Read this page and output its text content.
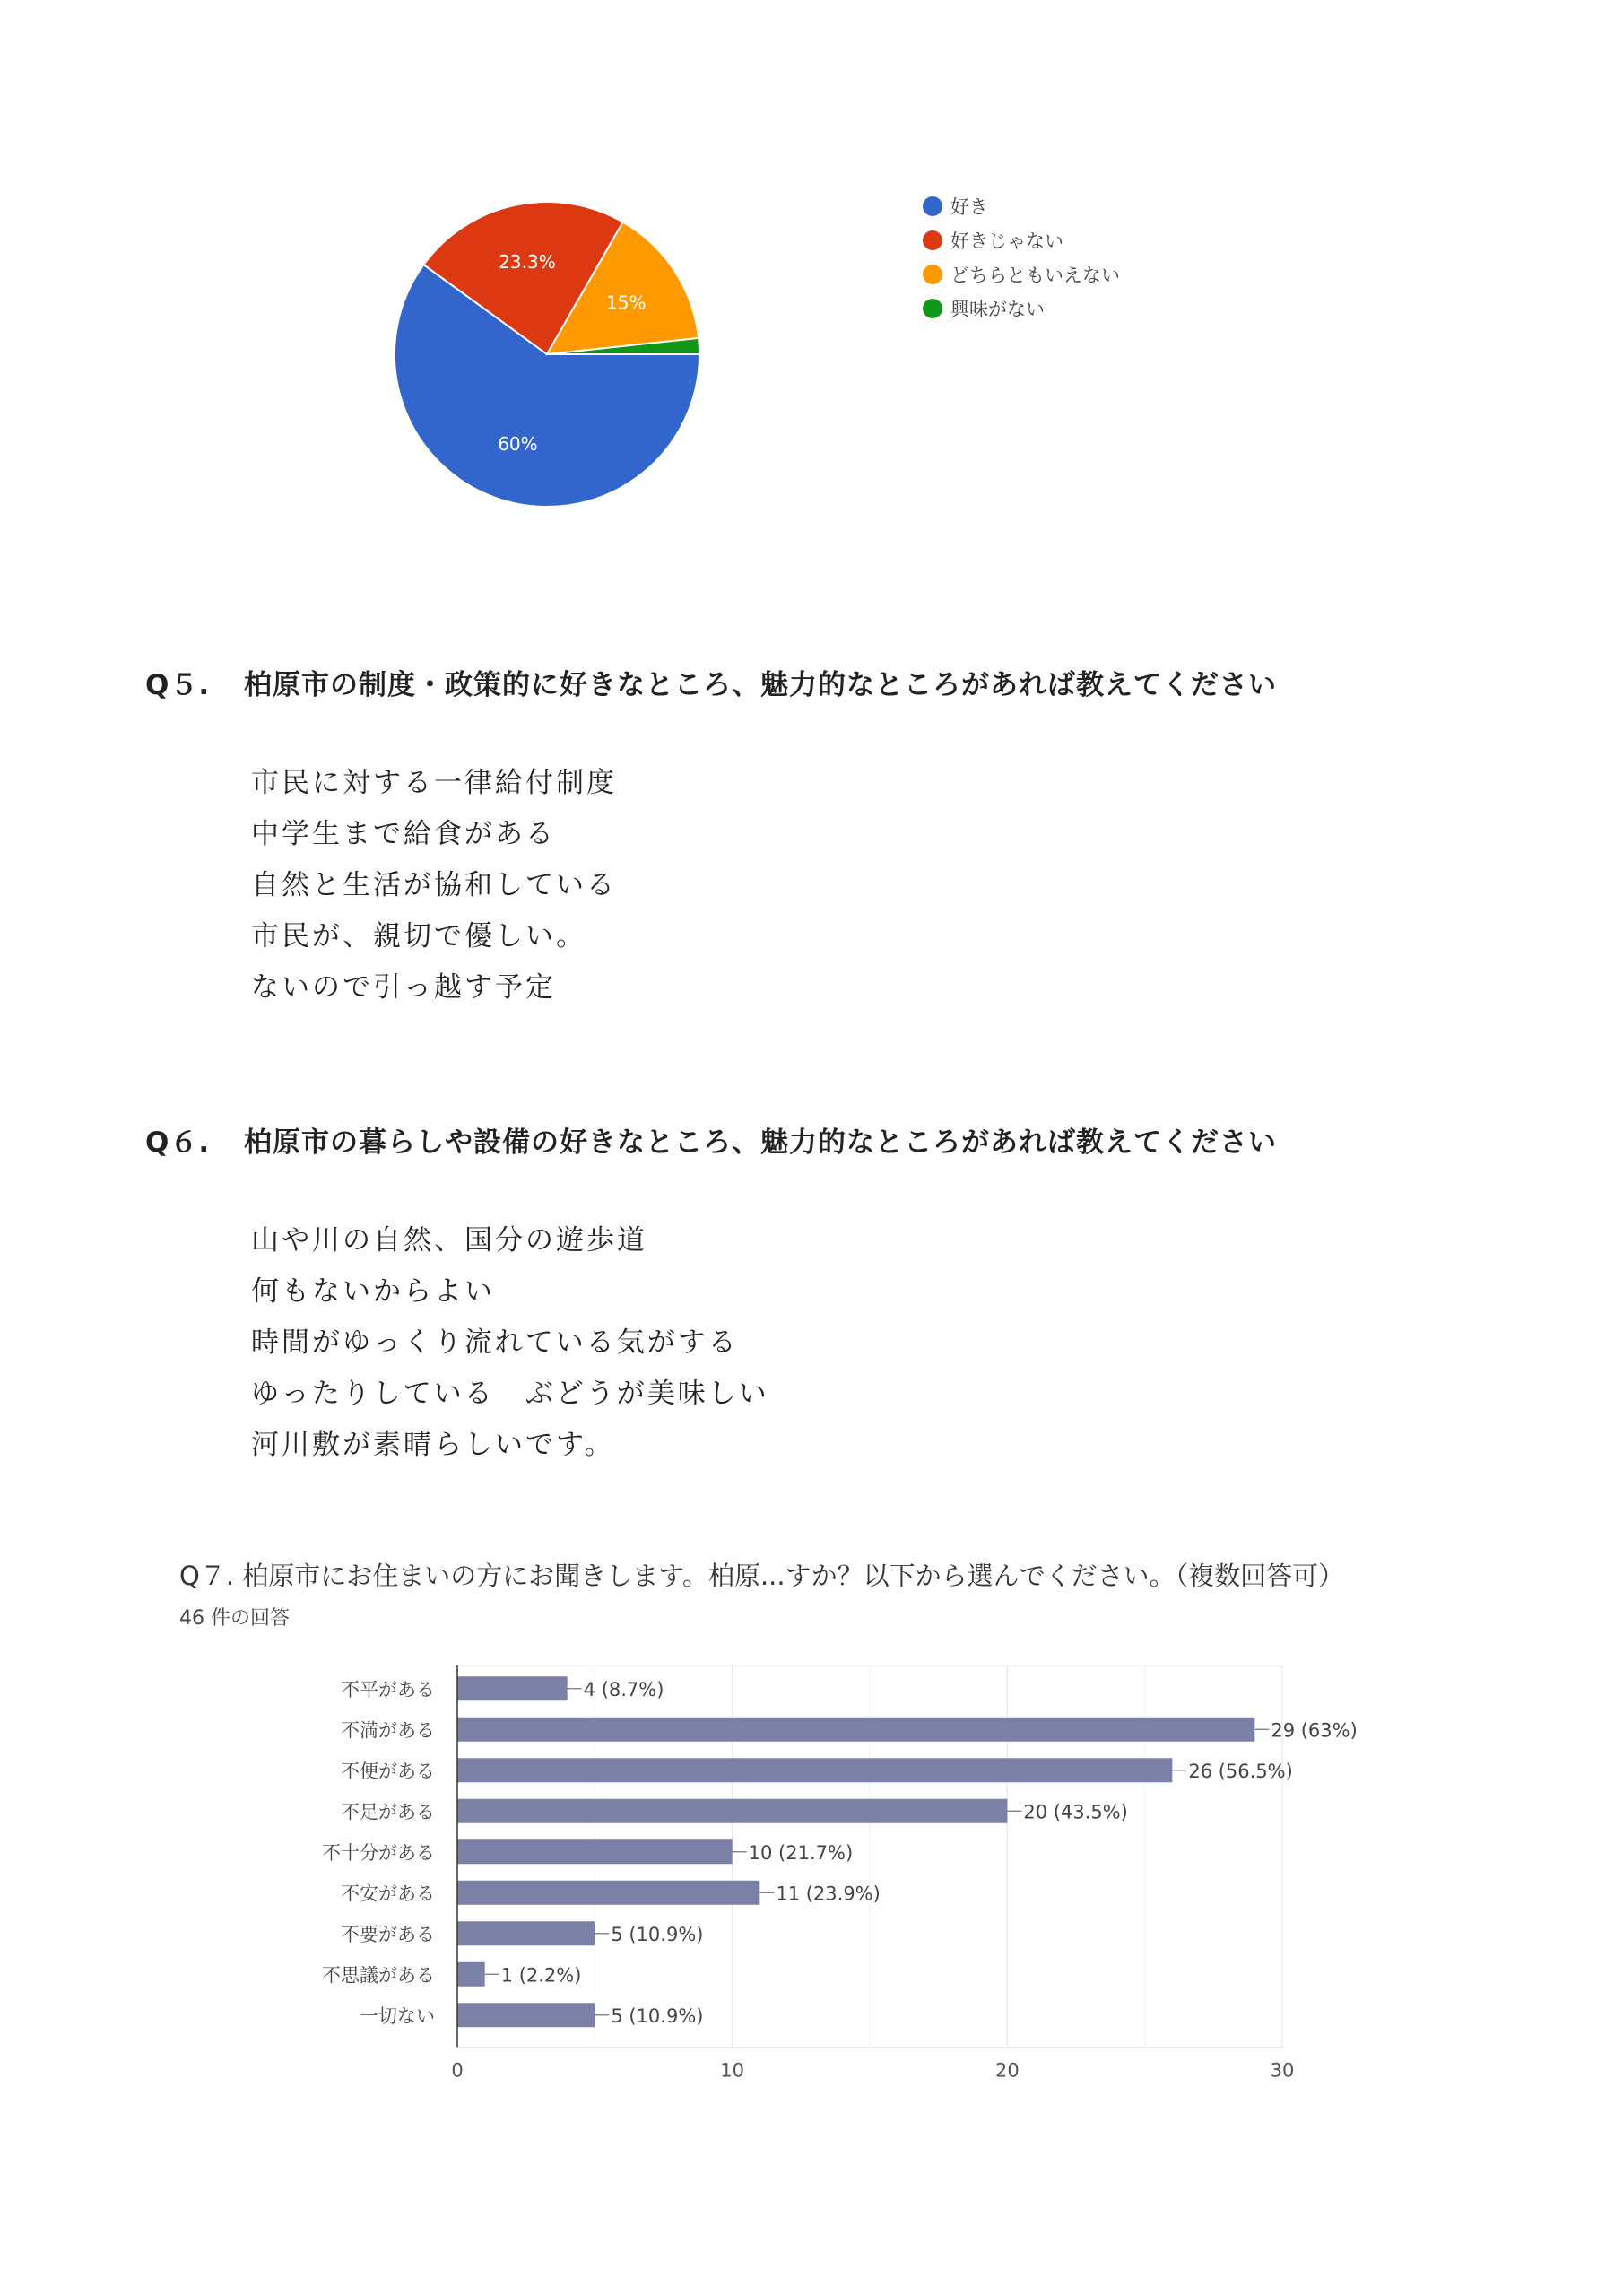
60%
23.3%
15%
好き
好きじゃない
どちらともいえない
興味がない
Q５. 柏原市の制度・政策的に好きなところ、魅力的なところがあれば教えてください
市民に対する一律給付制度
中学生まで給食がある
自然と生活が協和している
市民が、親切で優しい。
ないので引っ越す予定
Q６. 柏原市の暮らしや設備の好きなところ、魅力的なところがあれば教えてください
山や川の自然、国分の遊歩道
何もないからよい
時間がゆっくり流れている気がする
ゆったりしている　ぶどうが美味しい
河川敷が素晴らしいです。
Q７. 柏原市にお住まいの方にお聞きします。柏原...すか？以下から選んでください。（複数回答可）
46 件の回答
不平がある	4 (8.7%)
不満がある	29 (63%)
不便がある	26 (56.5%)
不足がある	20 (43.5%)
不十分がある	10 (21.7%)
不安がある	11 (23.9%)
不要がある	5 (10.9%)
不思議がある	1 (2.2%)
一切ない	5 (10.9%)
0	10	20	30
